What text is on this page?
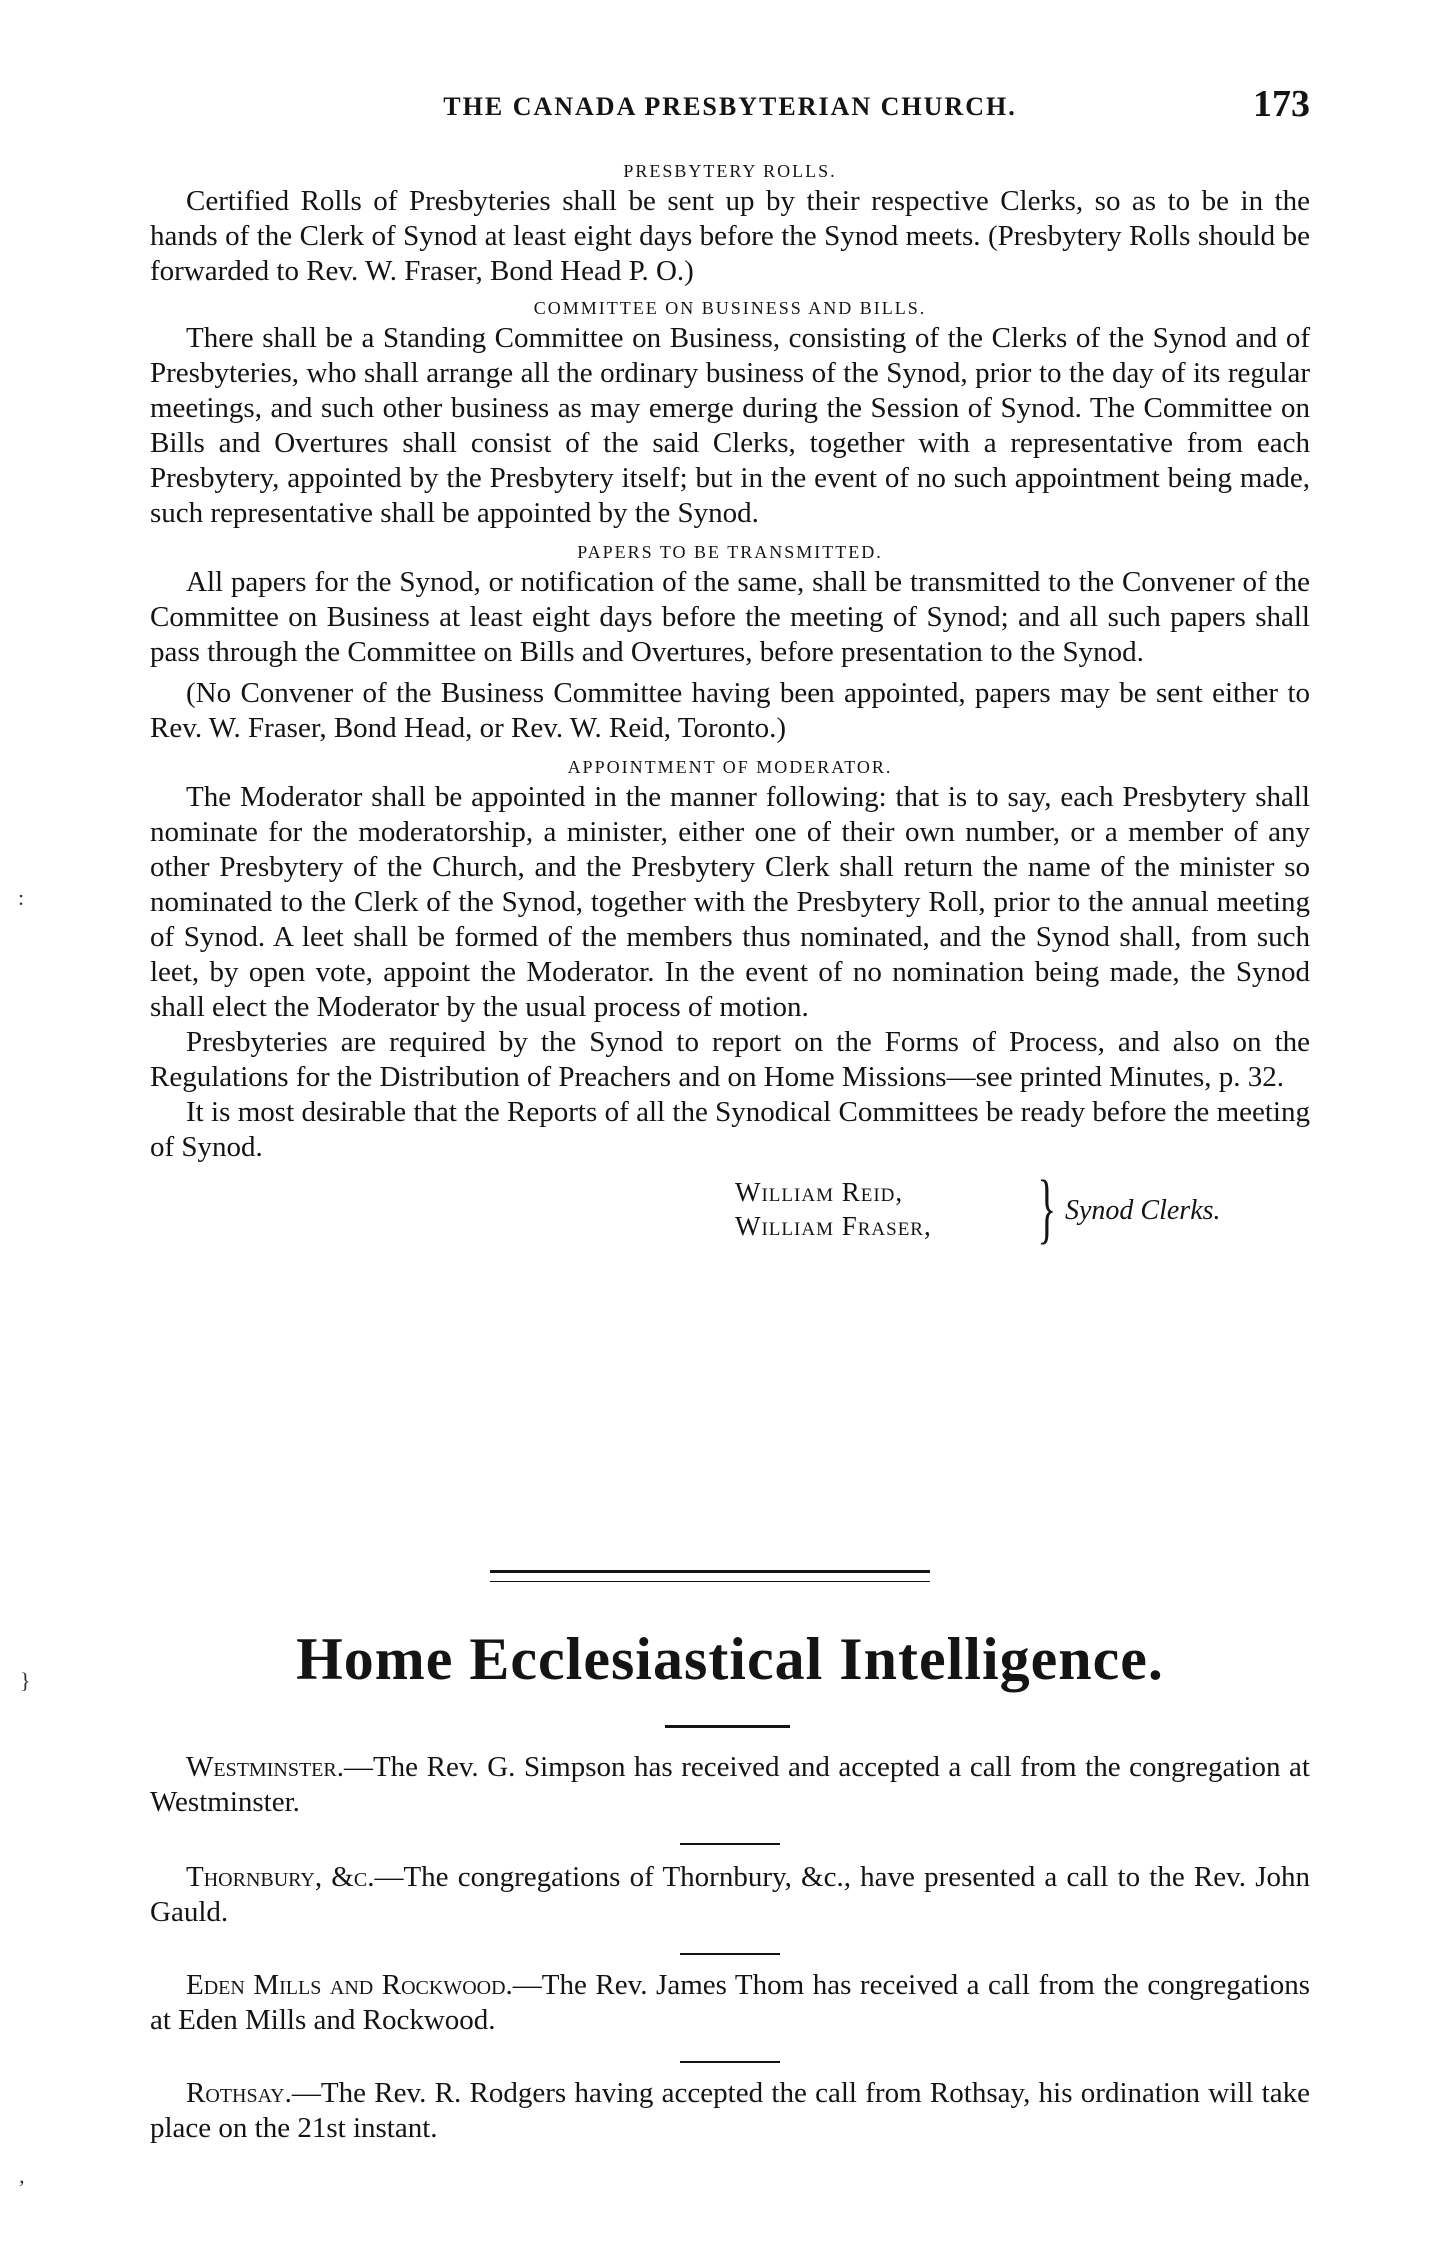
THE CANADA PRESBYTERIAN CHURCH.	173
PRESBYTERY ROLLS.

Certified Rolls of Presbyteries shall be sent up by their respective Clerks, so as to be in the hands of the Clerk of Synod at least eight days before the Synod meets. (Presbytery Rolls should be forwarded to Rev. W. Fraser, Bond Head P. O.)

COMMITTEE ON BUSINESS AND BILLS.

There shall be a Standing Committee on Business, consisting of the Clerks of the Synod and of Presbyteries, who shall arrange all the ordinary business of the Synod, prior to the day of its regular meetings, and such other business as may emerge during the Session of Synod. The Committee on Bills and Overtures shall consist of the said Clerks, together with a representative from each Presbytery, appointed by the Presbytery itself; but in the event of no such appointment being made, such representative shall be appointed by the Synod.

PAPERS TO BE TRANSMITTED.

All papers for the Synod, or notification of the same, shall be transmitted to the Convener of the Committee on Business at least eight days before the meeting of Synod; and all such papers shall pass through the Committee on Bills and Overtures, before presentation to the Synod.

(No Convener of the Business Committee having been appointed, papers may be sent either to Rev. W. Fraser, Bond Head, or Rev. W. Reid, Toronto.)

APPOINTMENT OF MODERATOR.

The Moderator shall be appointed in the manner following: that is to say, each Presbytery shall nominate for the moderatorship, a minister, either one of their own number, or a member of any other Presbytery of the Church, and the Presbytery Clerk shall return the name of the minister so nominated to the Clerk of the Synod, together with the Presbytery Roll, prior to the annual meeting of Synod. A leet shall be formed of the members thus nominated, and the Synod shall, from such leet, by open vote, appoint the Moderator. In the event of no nomination being made, the Synod shall elect the Moderator by the usual process of motion.

Presbyteries are required by the Synod to report on the Forms of Process, and also on the Regulations for the Distribution of Preachers and on Home Missions—see printed Minutes, p. 32.

It is most desirable that the Reports of all the Synodical Committees be ready before the meeting of Synod.

William Reid,
William Fraser, } Synod Clerks.
Home Ecclesiastical Intelligence.

Westminster.—The Rev. G. Simpson has received and accepted a call from the congregation at Westminster.

Thornbury, &c.—The congregations of Thornbury, &c., have presented a call to the Rev. John Gauld.

Eden Mills and Rockwood.—The Rev. James Thom has received a call from the congregations at Eden Mills and Rockwood.

Rothsay.—The Rev. R. Rodgers having accepted the call from Rothsay, his ordination will take place on the 21st instant.

:
}
’
